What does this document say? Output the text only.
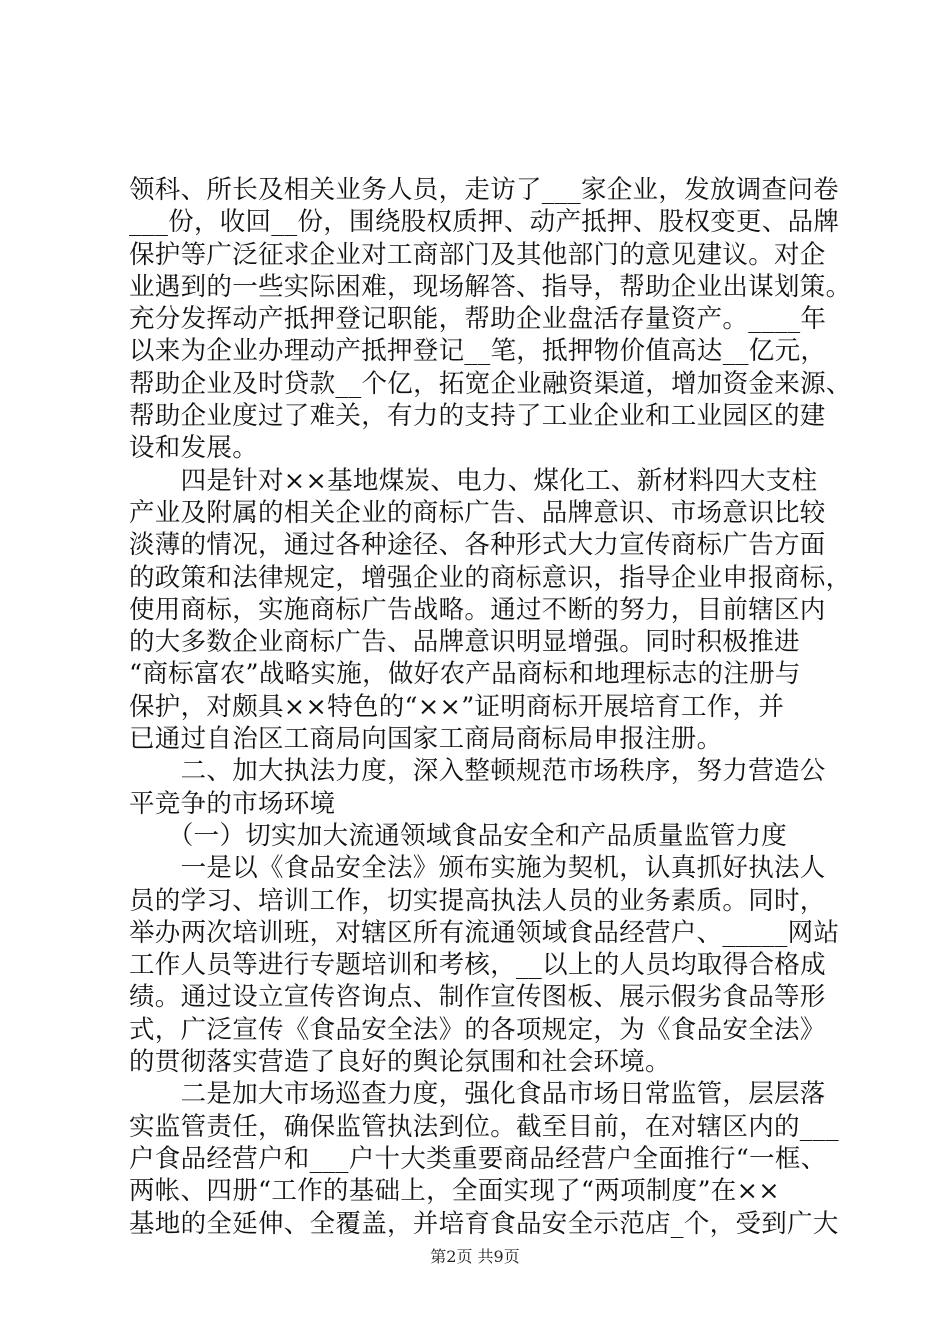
领科、所长及相关业务人员，走访了___家企业，发放调查问卷
___份，收回__份，围绕股权质押、动产抵押、股权变更、品牌
保护等广泛征求企业对工商部门及其他部门的意见建议。对企
业遇到的一些实际困难，现场解答、指导，帮助企业出谋划策。
充分发挥动产抵押登记职能，帮助企业盘活存量资产。____年
以来为企业办理动产抵押登记__笔，抵押物价值高达__亿元，
帮助企业及时贷款__个亿，拓宽企业融资渠道，增加资金来源、
帮助企业度过了难关，有力的支持了工业企业和工业园区的建
设和发展。
　　四是针对××基地煤炭、电力、煤化工、新材料四大支柱
产业及附属的相关企业的商标广告、品牌意识、市场意识比较
淡薄的情况，通过各种途径、各种形式大力宣传商标广告方面
的政策和法律规定，增强企业的商标意识，指导企业申报商标，
使用商标，实施商标广告战略。通过不断的努力，目前辖区内
的大多数企业商标广告、品牌意识明显增强。同时积极推进
“商标富农”战略实施，做好农产品商标和地理标志的注册与
保护，对颇具××特色的“××”证明商标开展培育工作，并
已通过自治区工商局向国家工商局商标局申报注册。
　　二、加大执法力度，深入整顿规范市场秩序，努力营造公
平竞争的市场环境
　　（一）切实加大流通领域食品安全和产品质量监管力度
　　一是以《食品安全法》颁布实施为契机，认真抓好执法人
员的学习、培训工作，切实提高执法人员的业务素质。同时，
举办两次培训班，对辖区所有流通领域食品经营户、_____网站
工作人员等进行专题培训和考核，__以上的人员均取得合格成
绩。通过设立宣传咨询点、制作宣传图板、展示假劣食品等形
式，广泛宣传《食品安全法》的各项规定，为《食品安全法》
的贯彻落实营造了良好的舆论氛围和社会环境。
　　二是加大市场巡查力度，强化食品市场日常监管，层层落
实监管责任，确保监管执法到位。截至目前，在对辖区内的___
户食品经营户和___户十大类重要商品经营户全面推行“一框、
两帐、四册“工作的基础上，全面实现了“两项制度”在××
基地的全延伸、全覆盖，并培育食品安全示范店_个，受到广大
第2页 共9页
